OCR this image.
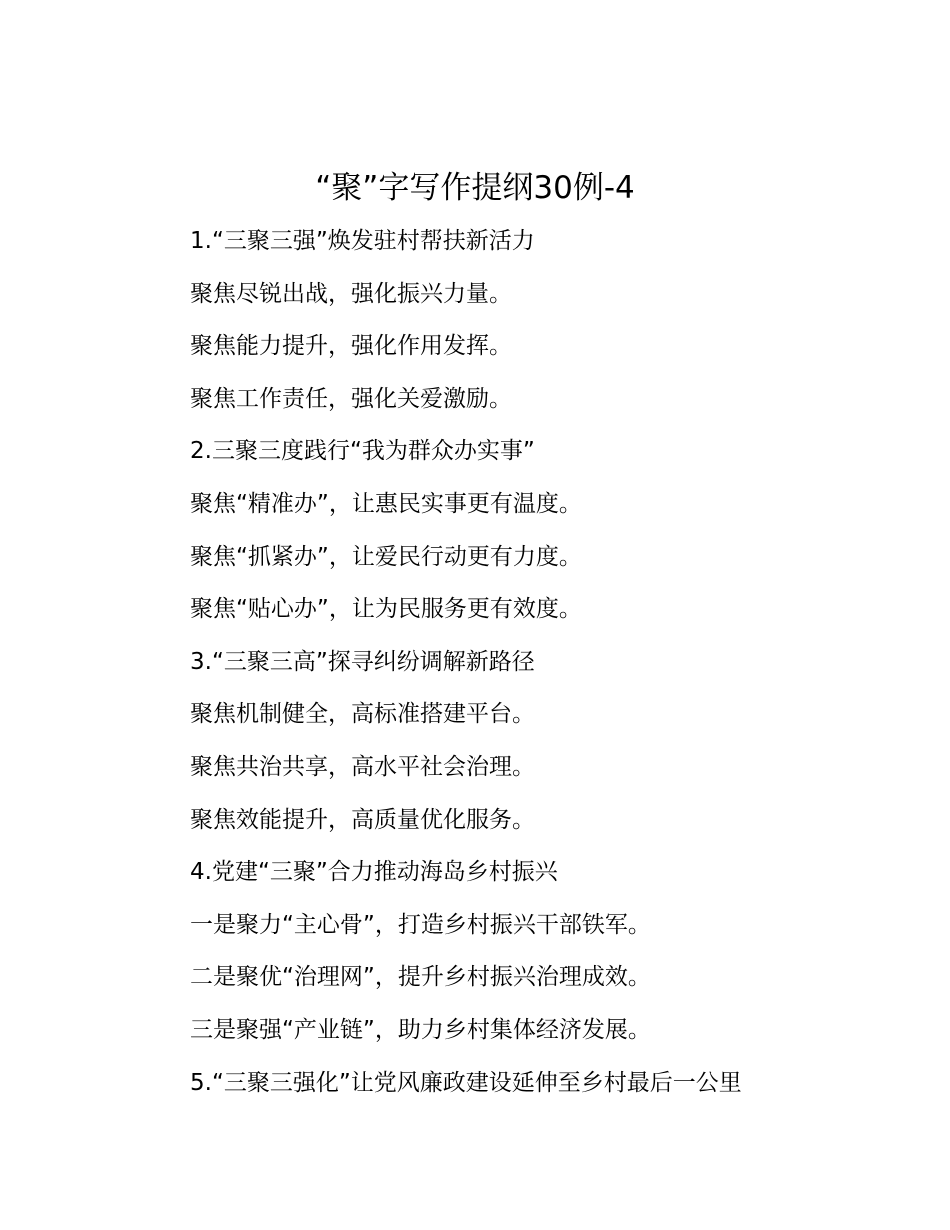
“聚”字写作提纲30例-4
1.“三聚三强”焕发驻村帮扶新活力
聚焦尽锐出战，强化振兴力量。
聚焦能力提升，强化作用发挥。
聚焦工作责任，强化关爱激励。
2.三聚三度践行“我为群众办实事”
聚焦“精准办”，让惠民实事更有温度。
聚焦“抓紧办”，让爱民行动更有力度。
聚焦“贴心办”，让为民服务更有效度。
3.“三聚三高”探寻纠纷调解新路径
聚焦机制健全，高标准搭建平台。
聚焦共治共享，高水平社会治理。
聚焦效能提升，高质量优化服务。
4.党建“三聚”合力推动海岛乡村振兴
一是聚力“主心骨”，打造乡村振兴干部铁军。
二是聚优“治理网”，提升乡村振兴治理成效。
三是聚强“产业链”，助力乡村集体经济发展。
5.“三聚三强化”让党风廉政建设延伸至乡村最后一公里
